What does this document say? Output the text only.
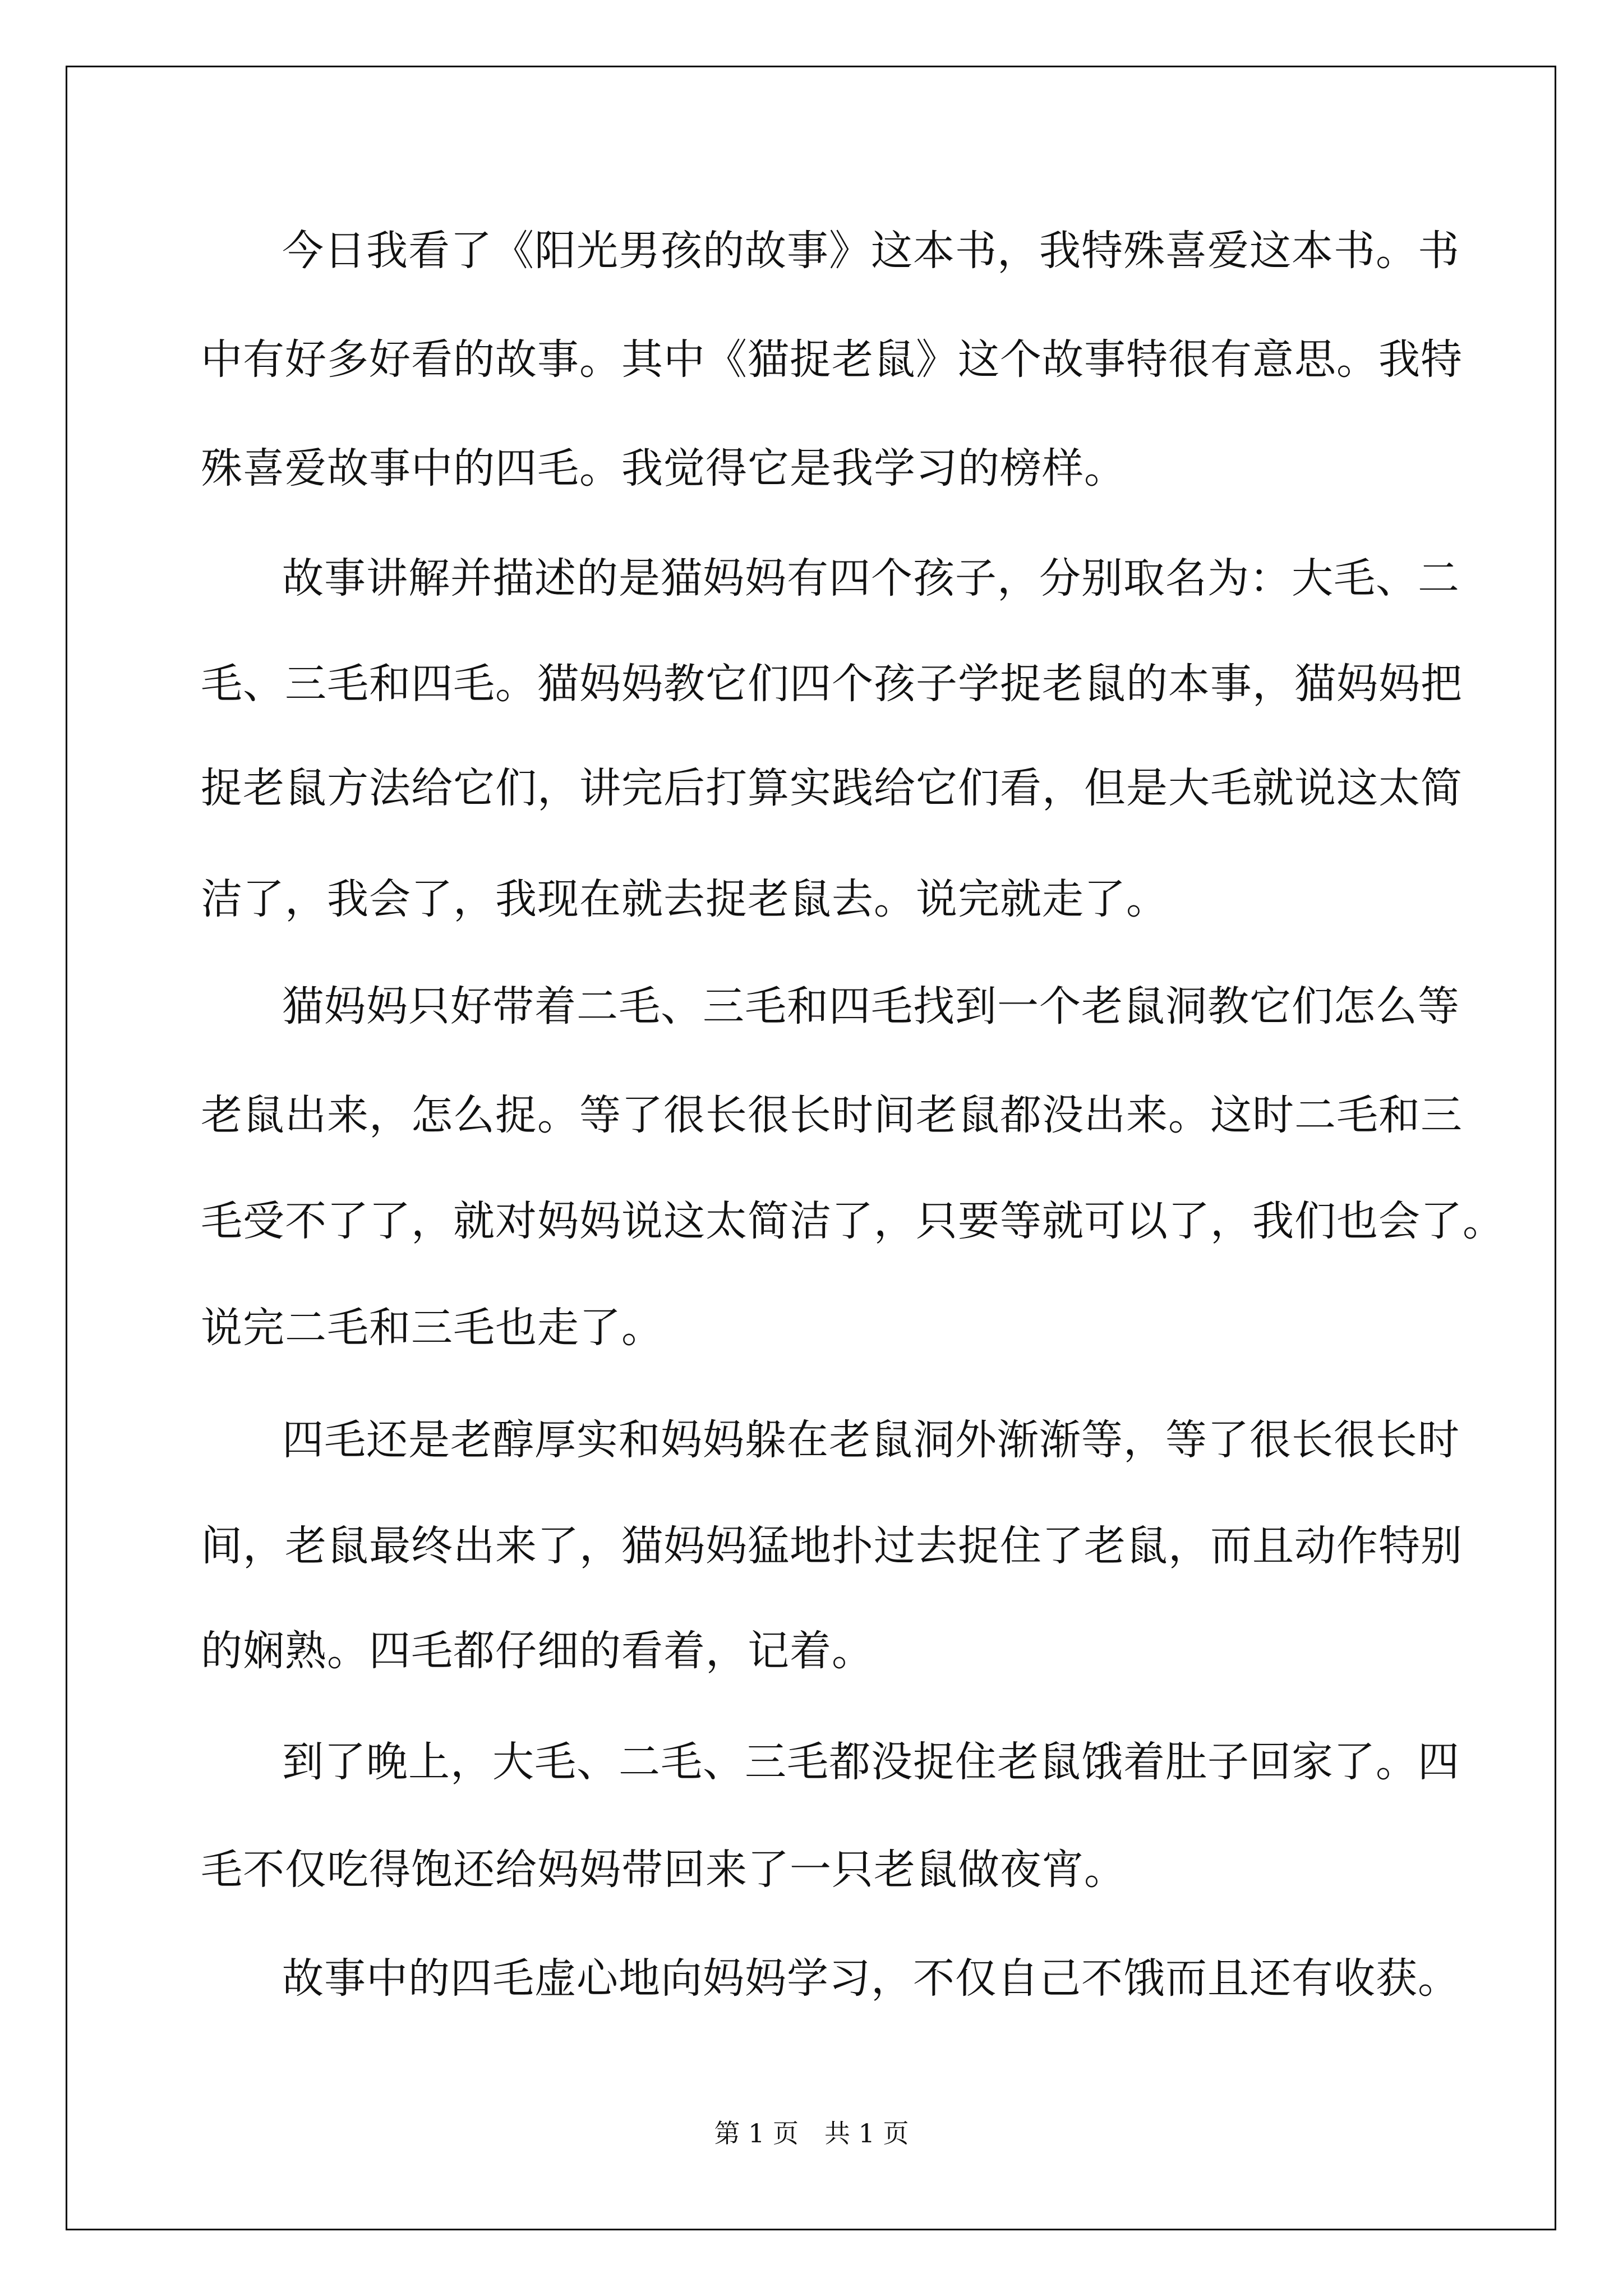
今日我看了《阳光男孩的故事》这本书，我特殊喜爱这本书。书

中有好多好看的故事。其中《猫捉老鼠》这个故事特很有意思。我特

殊喜爱故事中的四毛。我觉得它是我学习的榜样。

故事讲解并描述的是猫妈妈有四个孩子，分别取名为：大毛、二

毛、三毛和四毛。猫妈妈教它们四个孩子学捉老鼠的本事，猫妈妈把

捉老鼠方法给它们，讲完后打算实践给它们看，但是大毛就说这太简

洁了，我会了，我现在就去捉老鼠去。说完就走了。

猫妈妈只好带着二毛、三毛和四毛找到一个老鼠洞教它们怎么等

老鼠出来，怎么捉。等了很长很长时间老鼠都没出来。这时二毛和三

毛受不了了，就对妈妈说这太简洁了，只要等就可以了，我们也会了。

说完二毛和三毛也走了。

四毛还是老醇厚实和妈妈躲在老鼠洞外渐渐等，等了很长很长时

间，老鼠最终出来了，猫妈妈猛地扑过去捉住了老鼠，而且动作特别

的娴熟。四毛都仔细的看着，记着。

到了晚上，大毛、二毛、三毛都没捉住老鼠饿着肚子回家了。四

毛不仅吃得饱还给妈妈带回来了一只老鼠做夜宵。

故事中的四毛虚心地向妈妈学习，不仅自己不饿而且还有收获。

第 1 页　共 1 页
